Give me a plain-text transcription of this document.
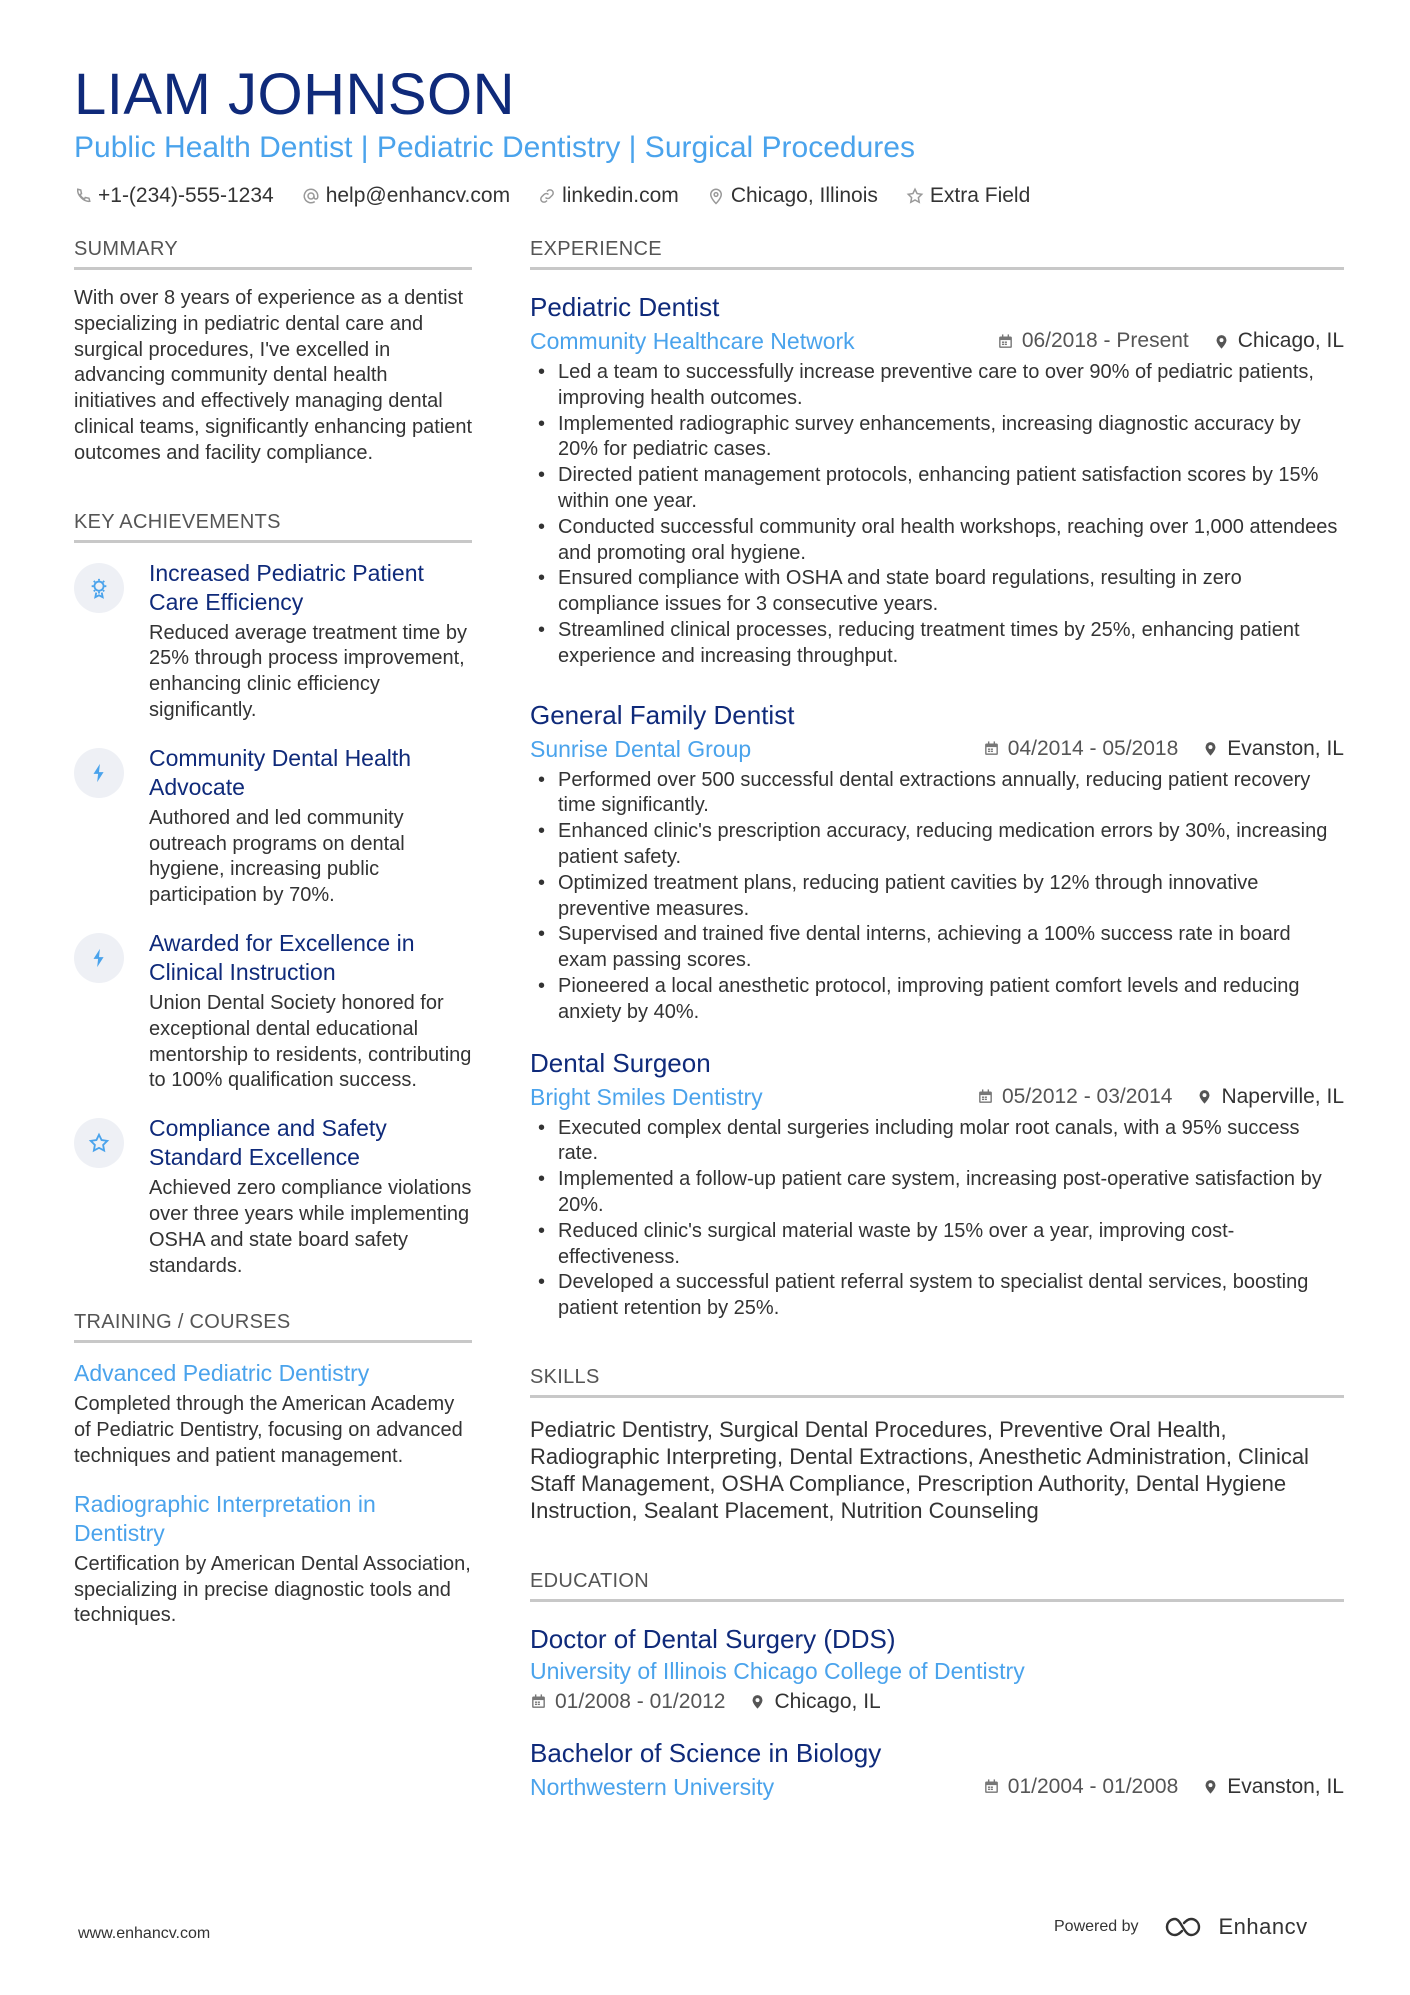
LIAM JOHNSON
Public Health Dentist | Pediatric Dentistry | Surgical Procedures
+1-(234)-555-1234 help@enhancv.com linkedin.com Chicago, Illinois Extra Field
SUMMARY
With over 8 years of experience as a dentist specializing in pediatric dental care and surgical procedures, I've excelled in advancing community dental health initiatives and effectively managing dental clinical teams, significantly enhancing patient outcomes and facility compliance.
KEY ACHIEVEMENTS
Increased Pediatric Patient Care Efficiency
Reduced average treatment time by 25% through process improvement, enhancing clinic efficiency significantly.
Community Dental Health Advocate
Authored and led community outreach programs on dental hygiene, increasing public participation by 70%.
Awarded for Excellence in Clinical Instruction
Union Dental Society honored for exceptional dental educational mentorship to residents, contributing to 100% qualification success.
Compliance and Safety Standard Excellence
Achieved zero compliance violations over three years while implementing OSHA and state board safety standards.
TRAINING / COURSES
Advanced Pediatric Dentistry
Completed through the American Academy of Pediatric Dentistry, focusing on advanced techniques and patient management.
Radiographic Interpretation in Dentistry
Certification by American Dental Association, specializing in precise diagnostic tools and techniques.
EXPERIENCE
Pediatric Dentist
Community Healthcare Network	06/2018 - Present Chicago, IL
• Led a team to successfully increase preventive care to over 90% of pediatric patients, improving health outcomes.
• Implemented radiographic survey enhancements, increasing diagnostic accuracy by 20% for pediatric cases.
• Directed patient management protocols, enhancing patient satisfaction scores by 15% within one year.
• Conducted successful community oral health workshops, reaching over 1,000 attendees and promoting oral hygiene.
• Ensured compliance with OSHA and state board regulations, resulting in zero compliance issues for 3 consecutive years.
• Streamlined clinical processes, reducing treatment times by 25%, enhancing patient experience and increasing throughput.
General Family Dentist
Sunrise Dental Group	04/2014 - 05/2018 Evanston, IL
• Performed over 500 successful dental extractions annually, reducing patient recovery time significantly.
• Enhanced clinic's prescription accuracy, reducing medication errors by 30%, increasing patient safety.
• Optimized treatment plans, reducing patient cavities by 12% through innovative preventive measures.
• Supervised and trained five dental interns, achieving a 100% success rate in board exam passing scores.
• Pioneered a local anesthetic protocol, improving patient comfort levels and reducing anxiety by 40%.
Dental Surgeon
Bright Smiles Dentistry	05/2012 - 03/2014 Naperville, IL
• Executed complex dental surgeries including molar root canals, with a 95% success rate.
• Implemented a follow-up patient care system, increasing post-operative satisfaction by 20%.
• Reduced clinic's surgical material waste by 15% over a year, improving cost-effectiveness.
• Developed a successful patient referral system to specialist dental services, boosting patient retention by 25%.
SKILLS
Pediatric Dentistry, Surgical Dental Procedures, Preventive Oral Health, Radiographic Interpreting, Dental Extractions, Anesthetic Administration, Clinical Staff Management, OSHA Compliance, Prescription Authority, Dental Hygiene Instruction, Sealant Placement, Nutrition Counseling
EDUCATION
Doctor of Dental Surgery (DDS)
University of Illinois Chicago College of Dentistry
01/2008 - 01/2012 Chicago, IL
Bachelor of Science in Biology
Northwestern University	01/2004 - 01/2008 Evanston, IL
www.enhancv.com	Powered by	Enhancv
